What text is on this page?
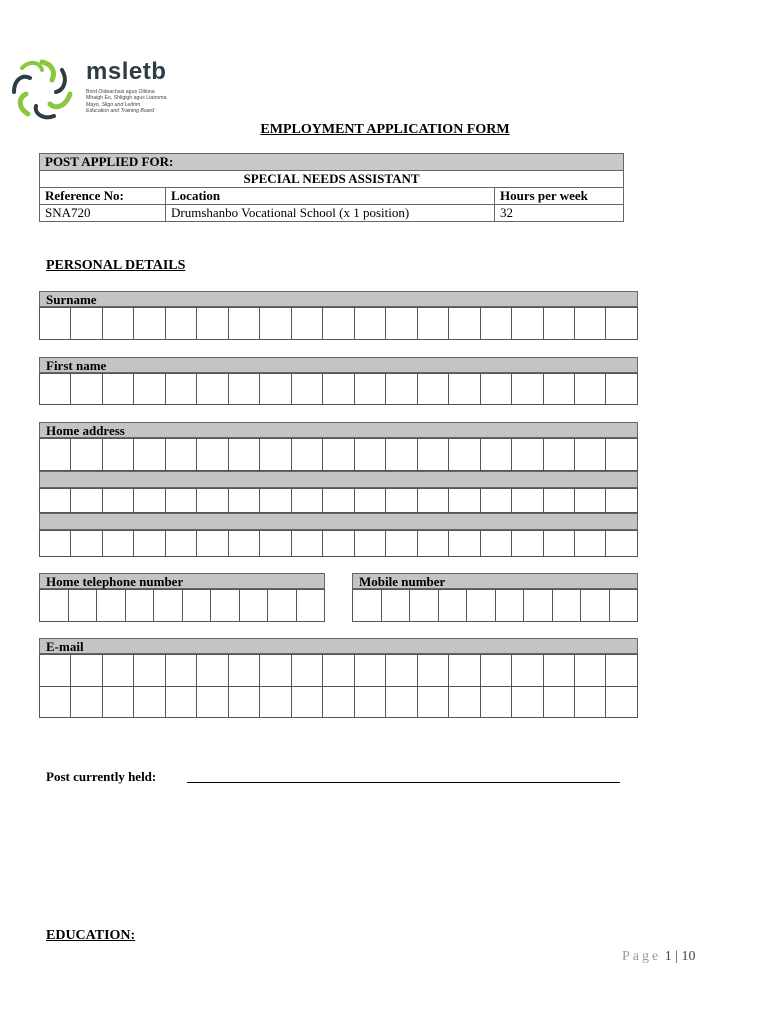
msletb
Bord Oideachais agus Oiliúna
Mhaigh Eo, Shligigh agus Liatroma
Mayo, Sligo and Leitrim
Education and Training Board
EMPLOYMENT APPLICATION FORM
POST APPLIED FOR:		
SPECIAL NEEDS ASSISTANT		
Reference No:	Location	Hours per week
SNA720	Drumshanbo Vocational School (x 1 position)	32
PERSONAL DETAILS
Surname
First name
Home address
Home telephone number	Mobile number
E-mail
Post currently held:
EDUCATION:
Page 1 | 10
